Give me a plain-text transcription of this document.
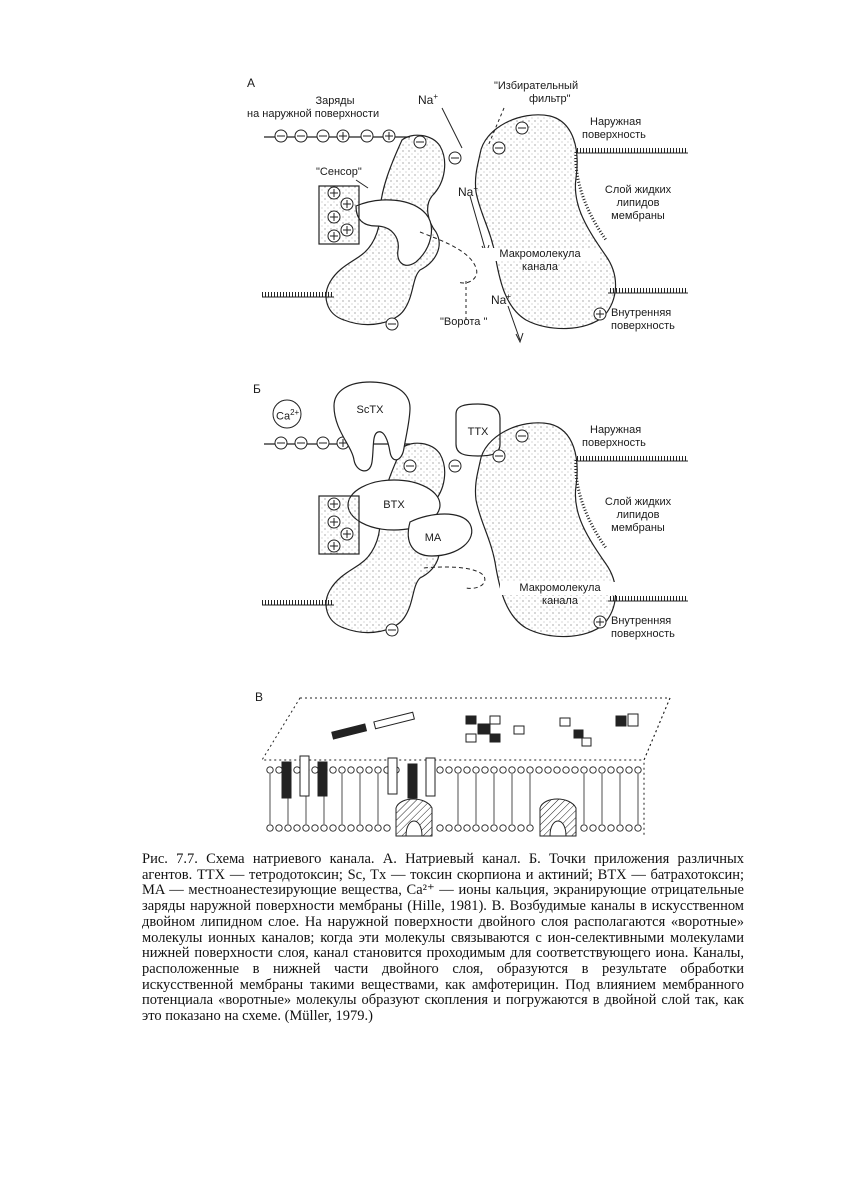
А
Б
В
Заряды
на наружной поверхности
Na+
"Избирательный
фильтр"
Наружная
поверхность
"Сенсор"
Na+	Слой жидких
липидов
мембраны
Макромолекула
канала
Na+
"Ворота "
Внутренняя
поверхность
$Ca^{2+}$	ScTX
TTX
BTX
MA
Наружная
поверхность
Слой жидких
липидов
мембраны
Макромолекула
канала
Внутренняя
поверхность

Рис. 7.7. Схема натриевого канала. А. Натриевый канал. Б. Точки приложения различных агентов. TTX — тетродотоксин; Sc, Tx — токсин скорпиона и актиний; BTX — батрахотоксин; MA — местноанестезирующие вещества, Ca²⁺ — ионы кальция, экранирующие отрицательные заряды наружной поверхности мембраны (Hille, 1981). В. Возбудимые каналы в искусственном двойном липидном слое. На наружной поверхности двойного слоя располагаются «воротные» молекулы ионных каналов; когда эти молекулы связываются с ион-селективными молекулами нижней поверхности слоя, канал становится проходимым для соответствующего иона. Каналы, расположенные в нижней части двойного слоя, образуются в результате обработки искусственной мембраны такими веществами, как амфотерицин. Под влиянием мембранного потенциала «воротные» молекулы образуют скопления и погружаются в двойной слой так, как это показано на схеме. (Müller, 1979.)
